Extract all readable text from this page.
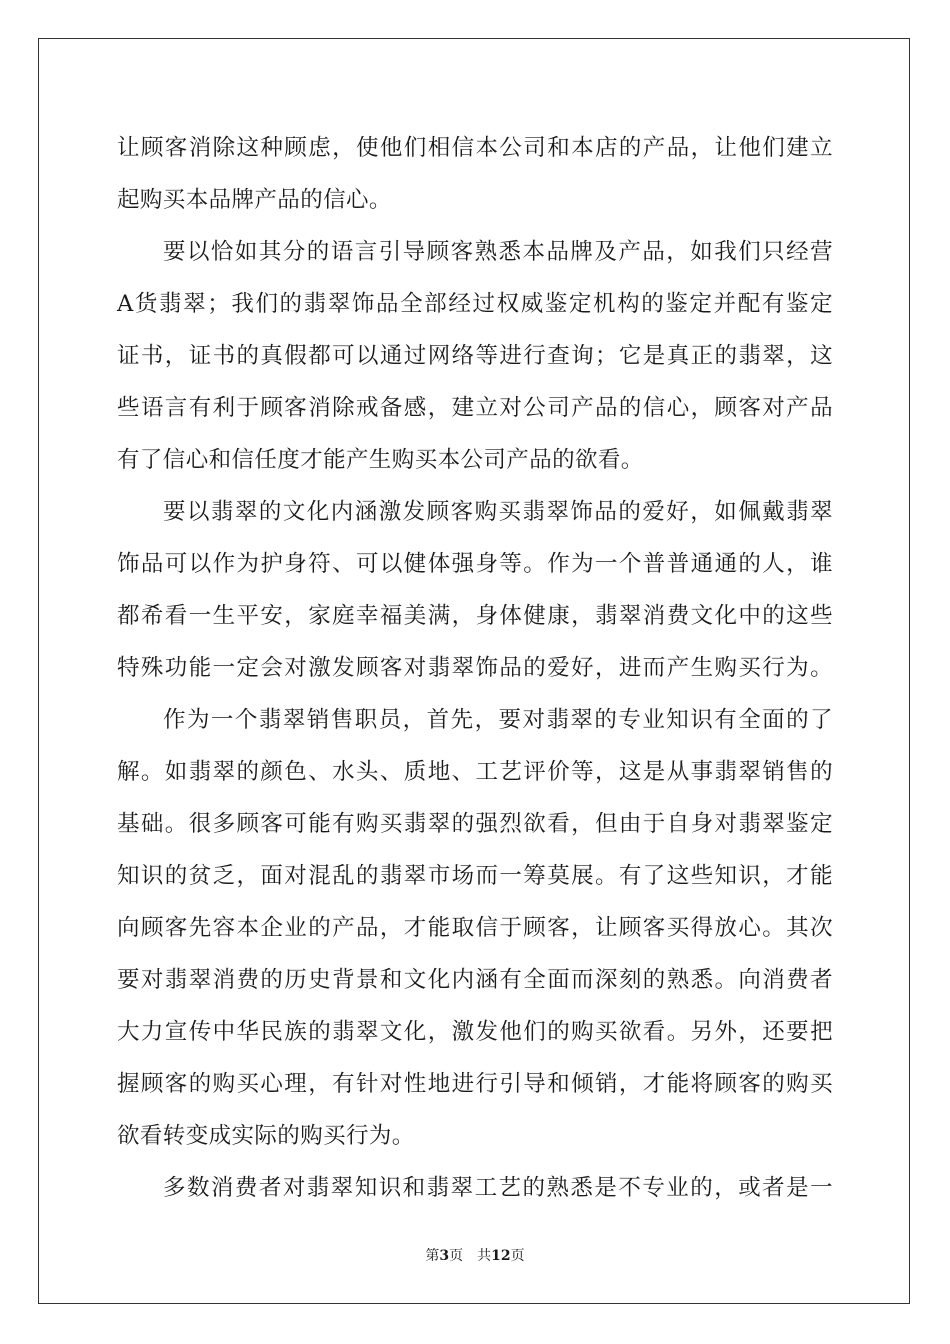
让顾客消除这种顾虑，使他们相信本公司和本店的产品，让他们建立
起购买本品牌产品的信心。
要以恰如其分的语言引导顾客熟悉本品牌及产品，如我们只经营
A货翡翠；我们的翡翠饰品全部经过权威鉴定机构的鉴定并配有鉴定
证书，证书的真假都可以通过网络等进行查询；它是真正的翡翠，这
些语言有利于顾客消除戒备感，建立对公司产品的信心，顾客对产品
有了信心和信任度才能产生购买本公司产品的欲看。
要以翡翠的文化内涵激发顾客购买翡翠饰品的爱好，如佩戴翡翠
饰品可以作为护身符、可以健体强身等。作为一个普普通通的人，谁
都希看一生平安，家庭幸福美满，身体健康，翡翠消费文化中的这些
特殊功能一定会对激发顾客对翡翠饰品的爱好，进而产生购买行为。
作为一个翡翠销售职员，首先，要对翡翠的专业知识有全面的了
解。如翡翠的颜色、水头、质地、工艺评价等，这是从事翡翠销售的
基础。很多顾客可能有购买翡翠的强烈欲看，但由于自身对翡翠鉴定
知识的贫乏，面对混乱的翡翠市场而一筹莫展。有了这些知识，才能
向顾客先容本企业的产品，才能取信于顾客，让顾客买得放心。其次
要对翡翠消费的历史背景和文化内涵有全面而深刻的熟悉。向消费者
大力宣传中华民族的翡翠文化，激发他们的购买欲看。另外，还要把
握顾客的购买心理，有针对性地进行引导和倾销，才能将顾客的购买
欲看转变成实际的购买行为。
多数消费者对翡翠知识和翡翠工艺的熟悉是不专业的，或者是一
第3页 共12页
